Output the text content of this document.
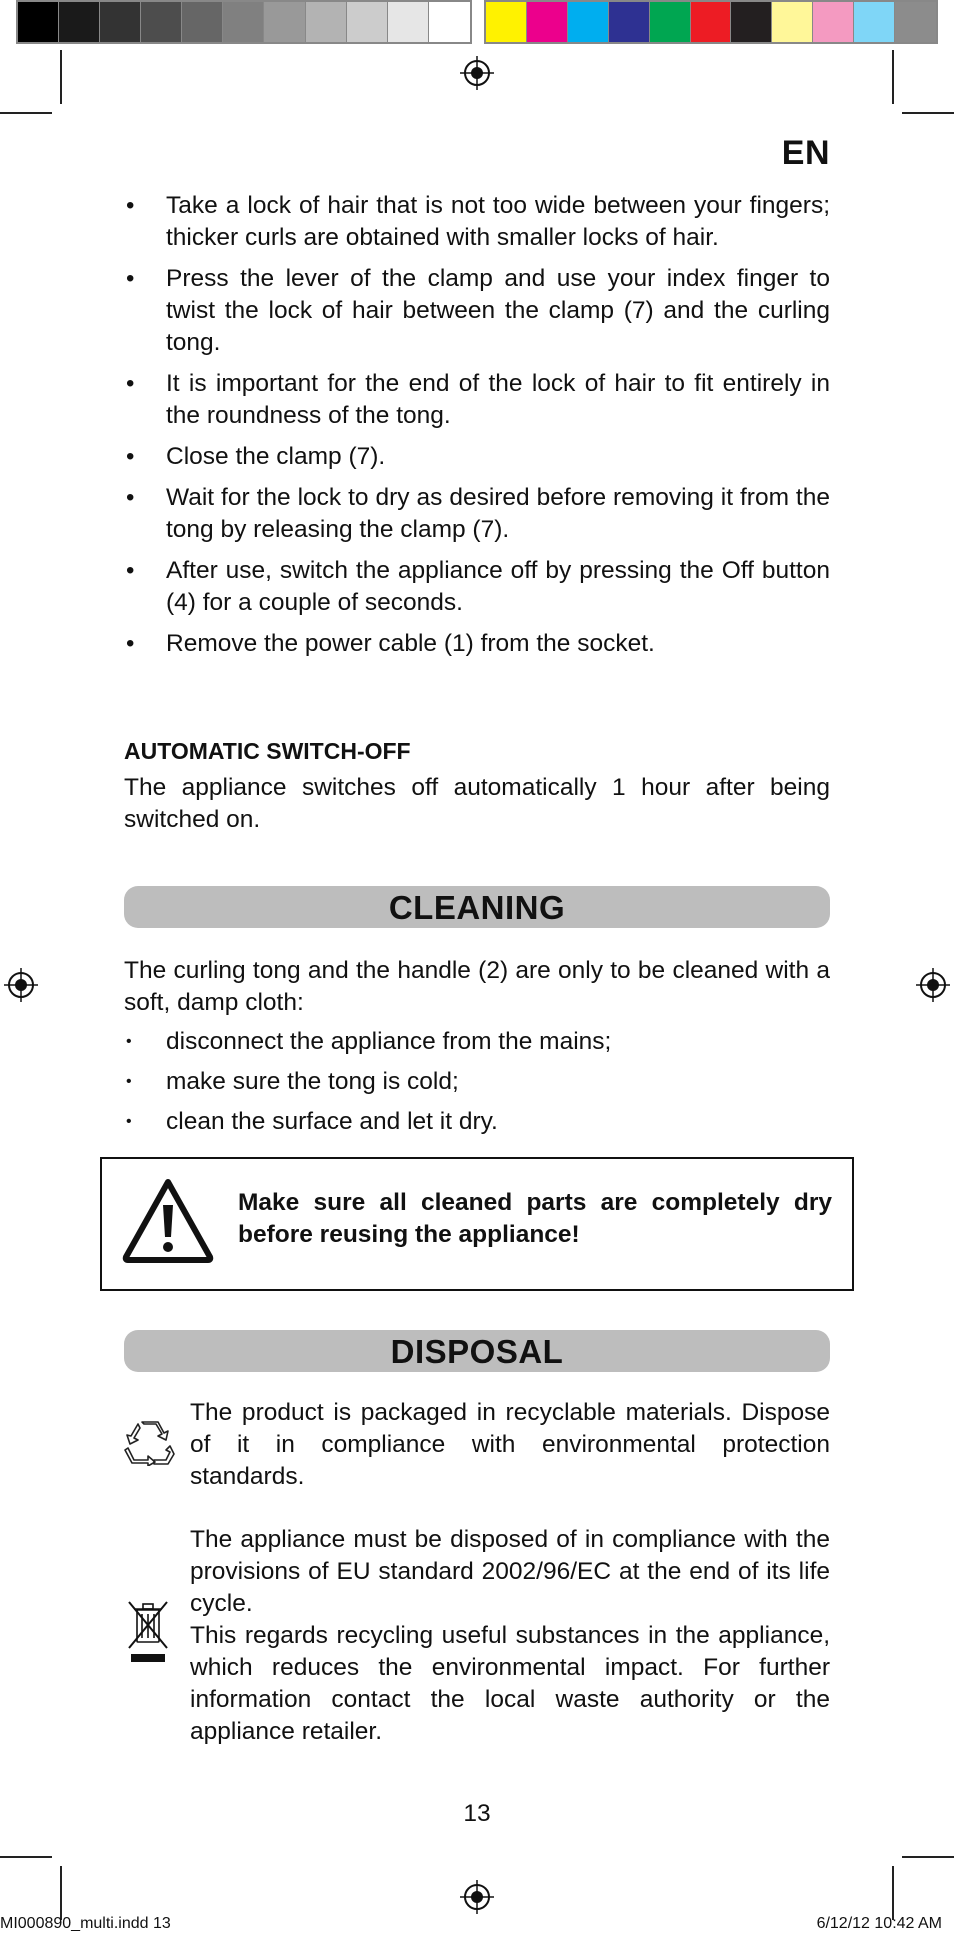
EN
• Take a lock of hair that is not too wide between your fingers; thicker curls are obtained with smaller locks of hair.
• Press the lever of the clamp and use your index finger to twist the lock of hair between the clamp (7) and the curling tong.
• It is important for the end of the lock of hair to fit entirely in the roundness of the tong.
• Close the clamp (7).
• Wait for the lock to dry as desired before removing it from the tong by releasing the clamp (7).
• After use, switch the appliance off by pressing the Off button (4) for a couple of seconds.
• Remove the power cable (1) from the socket.
AUTOMATIC SWITCH-OFF

The appliance switches off automatically 1 hour after being switched on.

CLEANING

The curling tong and the handle (2) are only to be cleaned with a soft, damp cloth:

• disconnect the appliance from the mains;
• make sure the tong is cold;
• clean the surface and let it dry.
Make sure all cleaned parts are completely dry before reusing the appliance!
DISPOSAL

The product is packaged in recyclable materials. Dispose of it in compliance with environmental protection standards.

The appliance must be disposed of in compliance with the provisions of EU standard 2002/96/EC at the end of its life cycle.

This regards recycling useful substances in the appliance, which reduces the environmental impact. For further information contact the local waste authority or the appliance retailer.

13
MI000890_multi.indd 13	6/12/12 10:42 AM
